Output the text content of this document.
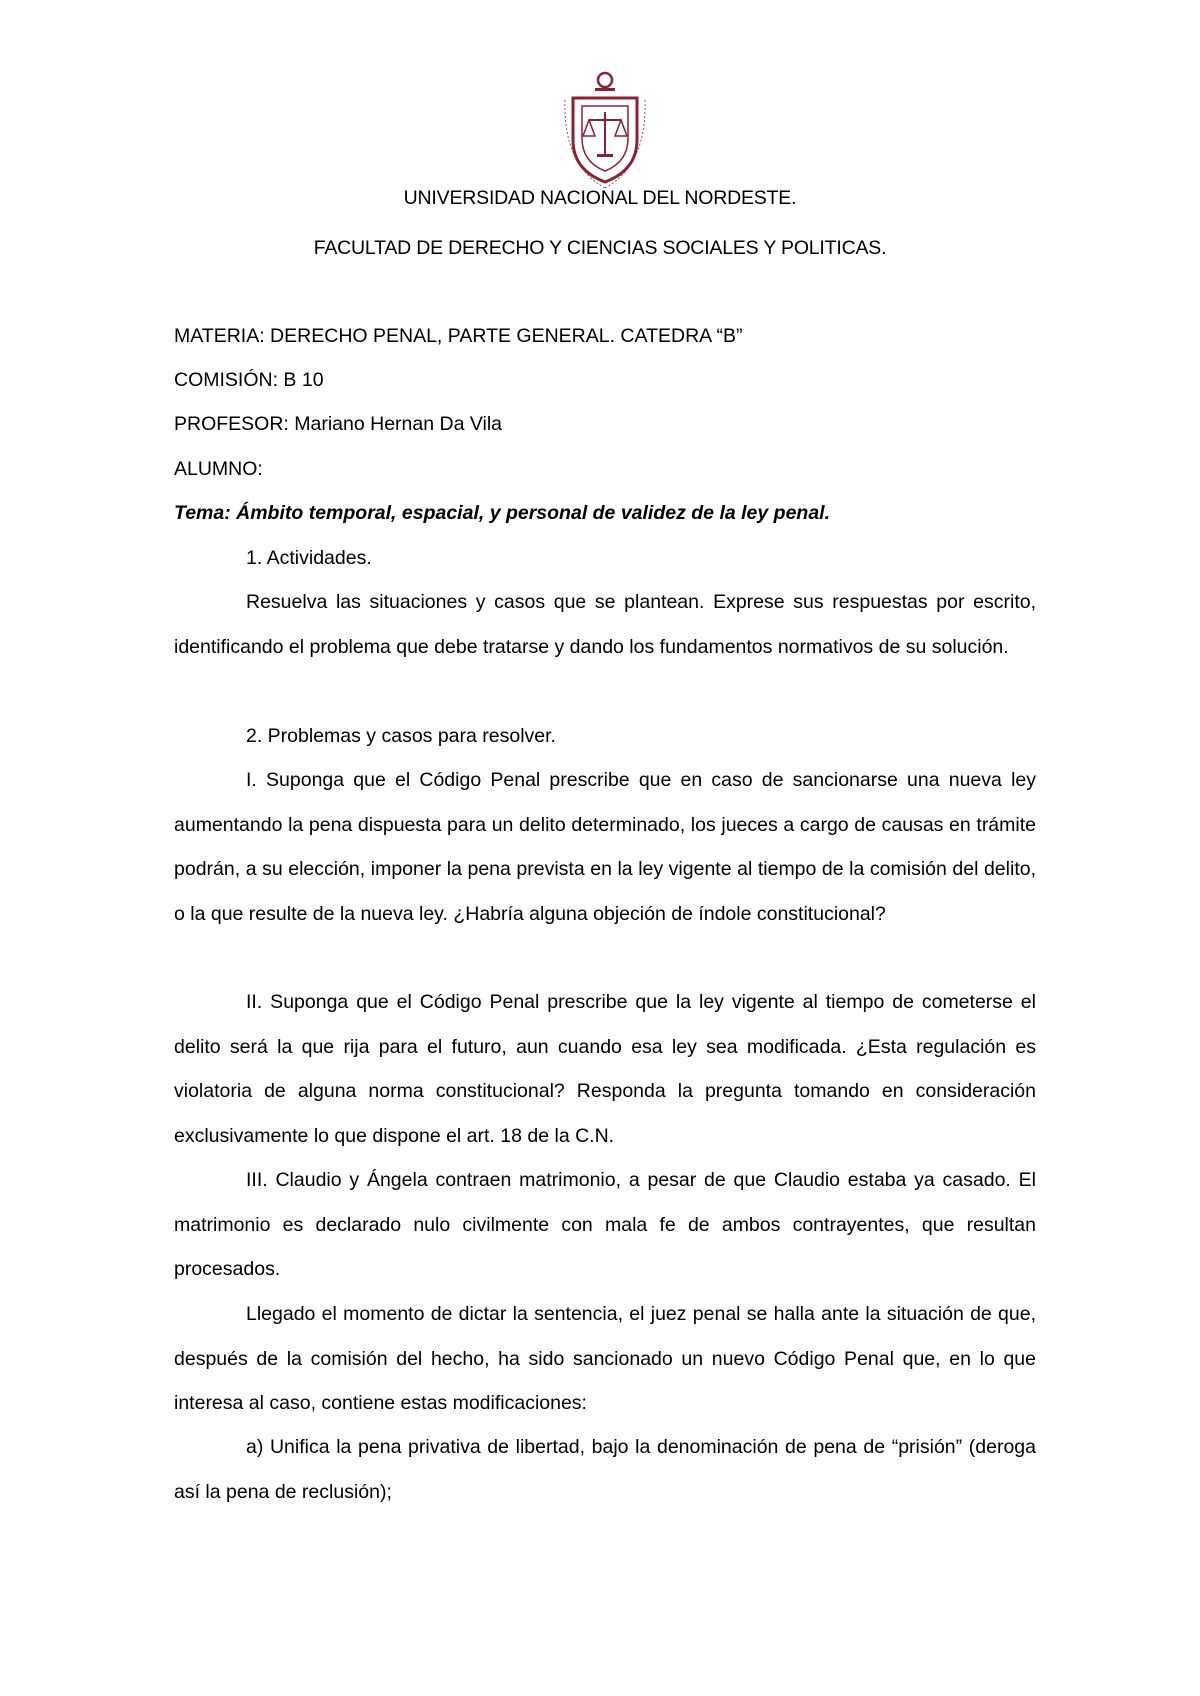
UNIVERSIDAD NACIONAL DEL NORDESTE.
FACULTAD DE DERECHO Y CIENCIAS SOCIALES Y POLITICAS.
MATERIA: DERECHO PENAL, PARTE GENERAL. CATEDRA “B”
COMISIÓN: B 10
PROFESOR: Mariano Hernan Da Vila
ALUMNO:
Tema: Ámbito temporal, espacial, y personal de validez de la ley penal.
1. Actividades.

Resuelva las situaciones y casos que se plantean. Exprese sus respuestas por escrito, identificando el problema que debe tratarse y dando los fundamentos normativos de su solución.

2. Problemas y casos para resolver.

I. Suponga que el Código Penal prescribe que en caso de sancionarse una nueva ley aumentando la pena dispuesta para un delito determinado, los jueces a cargo de causas en trámite podrán, a su elección, imponer la pena prevista en la ley vigente al tiempo de la comisión del delito, o la que resulte de la nueva ley. ¿Habría alguna objeción de índole constitucional?

II. Suponga que el Código Penal prescribe que la ley vigente al tiempo de cometerse el delito será la que rija para el futuro, aun cuando esa ley sea modificada. ¿Esta regulación es violatoria de alguna norma constitucional? Responda la pregunta tomando en consideración exclusivamente lo que dispone el art. 18 de la C.N.

III. Claudio y Ángela contraen matrimonio, a pesar de que Claudio estaba ya casado. El matrimonio es declarado nulo civilmente con mala fe de ambos contrayentes, que resultan procesados.

Llegado el momento de dictar la sentencia, el juez penal se halla ante la situación de que, después de la comisión del hecho, ha sido sancionado un nuevo Código Penal que, en lo que interesa al caso, contiene estas modificaciones:

a) Unifica la pena privativa de libertad, bajo la denominación de pena de “prisión” (deroga así la pena de reclusión);
